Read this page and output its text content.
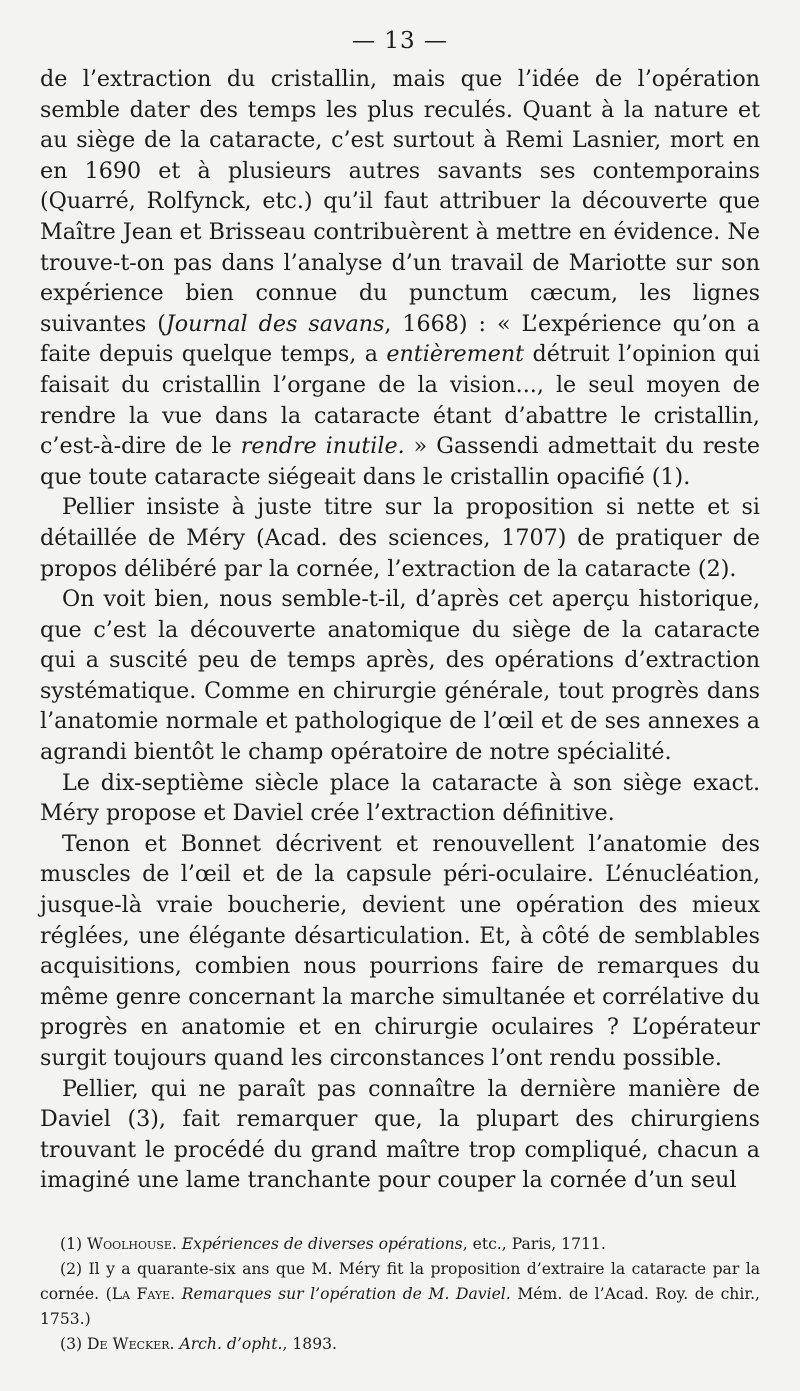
— 13 —

de l’extraction du cristallin, mais que l’idée de l’opération semble dater des temps les plus reculés. Quant à la nature et au siège de la cataracte, c’est surtout à Remi Lasnier, mort en en 1690 et à plusieurs autres savants ses contemporains (Quarré, Rolfynck, etc.) qu’il faut attribuer la découverte que Maître Jean et Brisseau contribuèrent à mettre en évidence. Ne trouve-t-on pas dans l’analyse d’un travail de Mariotte sur son expérience bien connue du punctum cæcum, les lignes suivantes (Journal des savans, 1668) : « L’expérience qu’on a faite depuis quelque temps, a entièrement détruit l’opinion qui faisait du cristallin l’organe de la vision..., le seul moyen de rendre la vue dans la cataracte étant d’abattre le cristallin, c’est-à-dire de le rendre inutile. » Gassendi admettait du reste que toute cataracte siégeait dans le cristallin opacifié (1).

Pellier insiste à juste titre sur la proposition si nette et si détaillée de Méry (Acad. des sciences, 1707) de pratiquer de propos délibéré par la cornée, l’extraction de la cataracte (2).

On voit bien, nous semble-t-il, d’après cet aperçu historique, que c’est la découverte anatomique du siège de la cataracte qui a suscité peu de temps après, des opérations d’extraction systématique. Comme en chirurgie générale, tout progrès dans l’anatomie normale et pathologique de l’œil et de ses annexes a agrandi bientôt le champ opératoire de notre spécialité.

Le dix-septième siècle place la cataracte à son siège exact. Méry propose et Daviel crée l’extraction définitive.

Tenon et Bonnet décrivent et renouvellent l’anatomie des muscles de l’œil et de la capsule péri-oculaire. L’énucléation, jusque-là vraie boucherie, devient une opération des mieux réglées, une élégante désarticulation. Et, à côté de semblables acquisitions, combien nous pourrions faire de remarques du même genre concernant la marche simultanée et corrélative du progrès en anatomie et en chirurgie oculaires ? L’opérateur surgit toujours quand les circonstances l’ont rendu possible.

Pellier, qui ne paraît pas connaître la dernière manière de Daviel (3), fait remarquer que, la plupart des chirurgiens trouvant le procédé du grand maître trop compliqué, chacun a imaginé une lame tranchante pour couper la cornée d’un seul

(1) Woolhouse. Expériences de diverses opérations, etc., Paris, 1711.

(2) Il y a quarante-six ans que M. Méry fit la proposition d’extraire la cataracte par la cornée. (La Faye. Remarques sur l’opération de M. Daviel. Mém. de l’Acad. Roy. de chir., 1753.)

(3) De Wecker. Arch. d’opht., 1893.
